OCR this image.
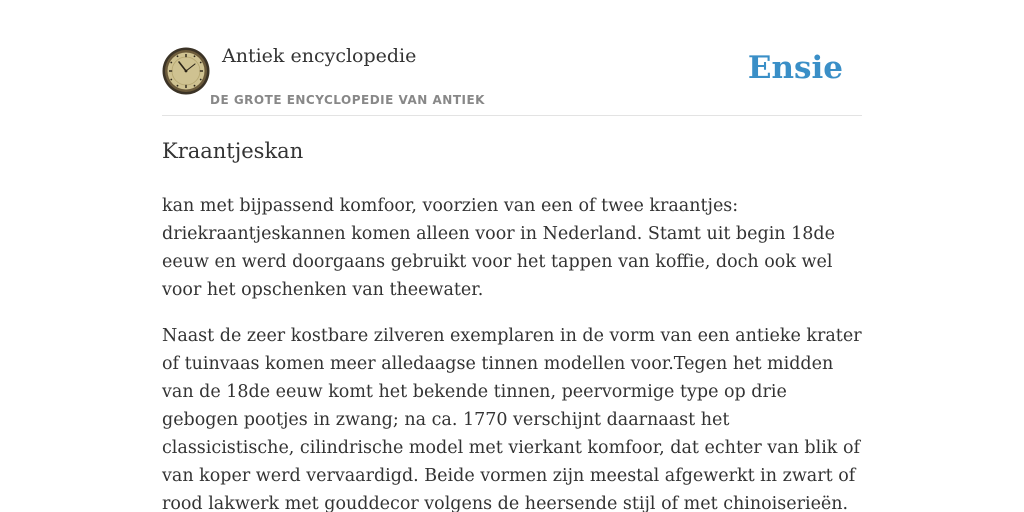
Antiek encyclopedie
DE GROTE ENCYCLOPEDIE VAN ANTIEK
Ensie
Kraantjeskan

kan met bijpassend komfoor, voorzien van een of twee kraantjes: driekraantjeskannen komen alleen voor in Nederland. Stamt uit begin 18de eeuw en werd doorgaans gebruikt voor het tappen van koffie, doch ook wel voor het opschenken van theewater.

Naast de zeer kostbare zilveren exemplaren in de vorm van een antieke krater of tuinvaas komen meer alledaagse tinnen modellen voor.Tegen het midden van de 18de eeuw komt het bekende tinnen, peervormige type op drie gebogen pootjes in zwang; na ca. 1770 verschijnt daarnaast het classicistische, cilindrische model met vierkant komfoor, dat echter van blik of van koper werd vervaardigd. Beide vormen zijn meestal afgewerkt in zwart of rood lakwerk met gouddecor volgens de heersende stijl of met chinoiserieën.
